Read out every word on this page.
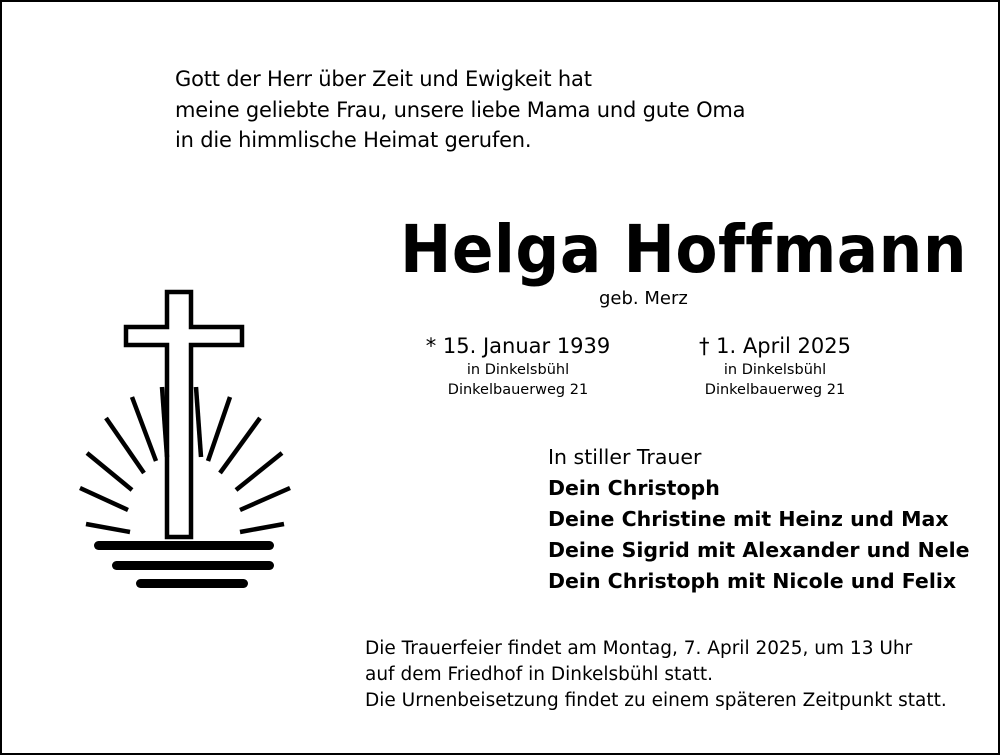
Gott der Herr über Zeit und Ewigkeit hat
meine geliebte Frau, unsere liebe Mama und gute Oma
in die himmlische Heimat gerufen.
Helga Hoffmann
geb. Merz
* 15. Januar 1939
in Dinkelsbühl
Dinkelbauerweg 21
† 1. April 2025
in Dinkelsbühl
Dinkelbauerweg 21
In stiller Trauer
Dein Christoph
Deine Christine mit Heinz und Max
Deine Sigrid mit Alexander und Nele
Dein Christoph mit Nicole und Felix
Die Trauerfeier findet am Montag, 7. April 2025, um 13 Uhr
auf dem Friedhof in Dinkelsbühl statt.
Die Urnenbeisetzung findet zu einem späteren Zeitpunkt statt.
